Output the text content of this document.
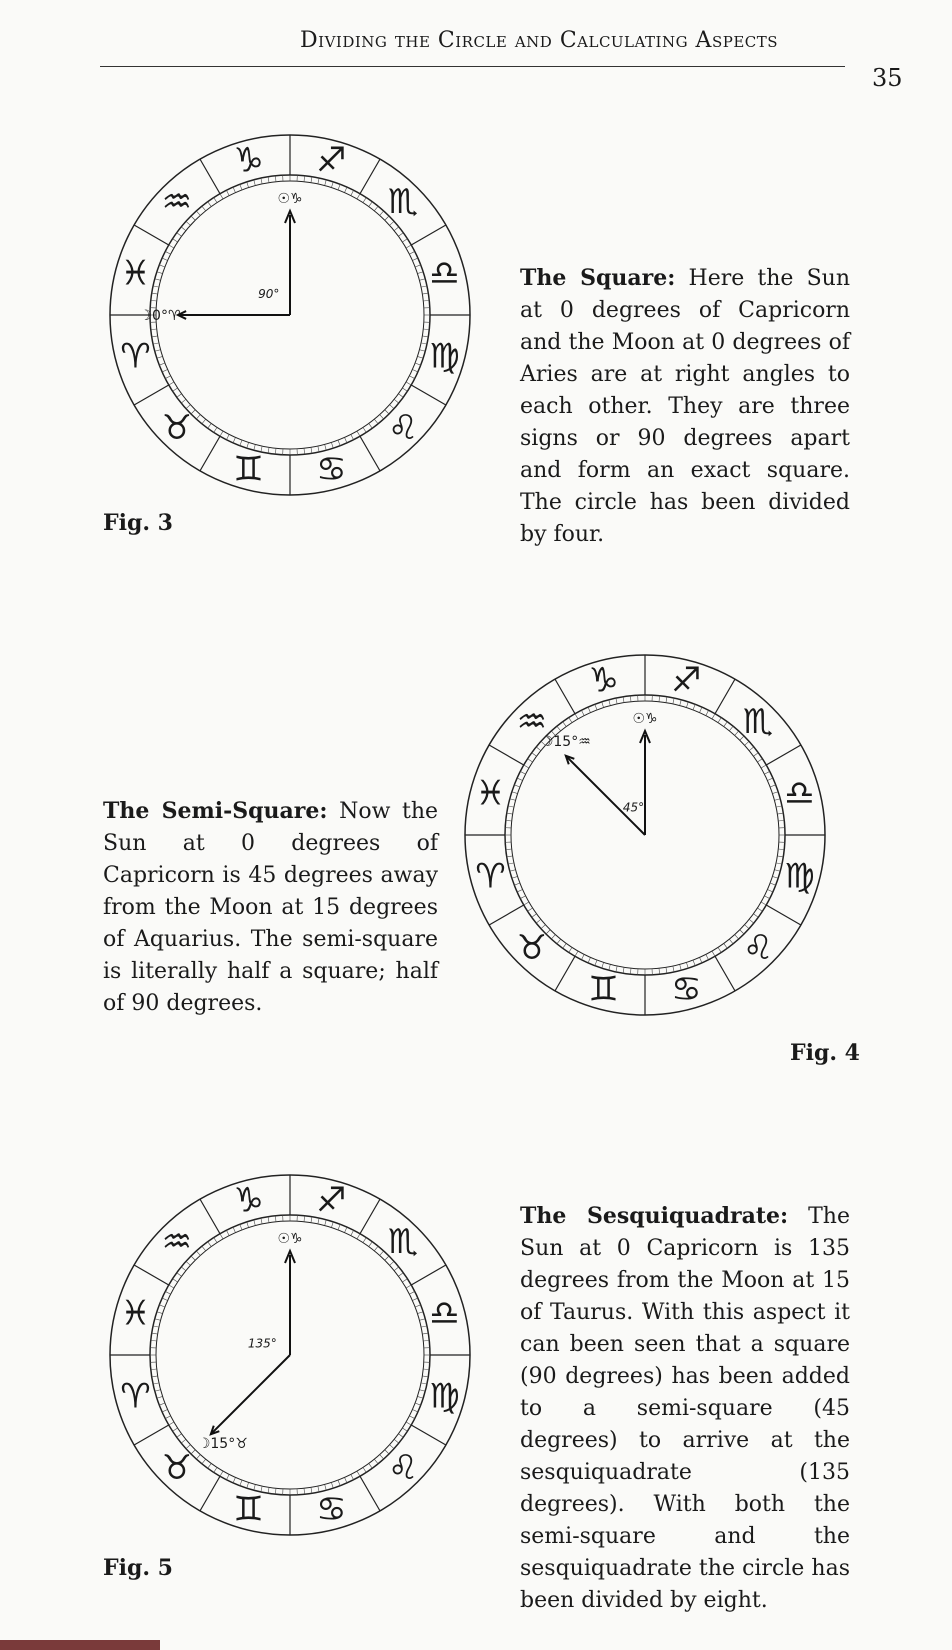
Dividing the Circle and Calculating Aspects
35
♑ ♐
♏
♎
♍
♌
♋
♊
♉
♈
♓
♒	☉♑
☽0°♈
90°
Fig. 3
The Square: Here the Sun at 0 degrees of Capricorn and the Moon at 0 degrees of Aries are at right angles to each other. They are three signs or 90 degrees apart and form an exact square. The circle has been divided by four.
♑ ♐
♏
♎
♍
♌
♋
♊
♉
♈
♓
♒	☉♑
☽15°♒
45°
The Semi-Square: Now the Sun at 0 degrees of Capricorn is 45 degrees away from the Moon at 15 degrees of Aquarius. The semi-square is literally half a square; half of 90 degrees.
Fig. 4
♑ ♐
♏
♎
♍
♌
♋
♊
♉
♈
♓
♒	☉♑
☽15°♉
135°
Fig. 5
The Sesquiquadrate: The Sun at 0 Capricorn is 135 degrees from the Moon at 15 of Taurus. With this aspect it can been seen that a square (90 degrees) has been added to a semi-square (45 degrees) to arrive at the sesquiquadrate (135 degrees). With both the semi-square and the sesquiquadrate the circle has been divided by eight.
